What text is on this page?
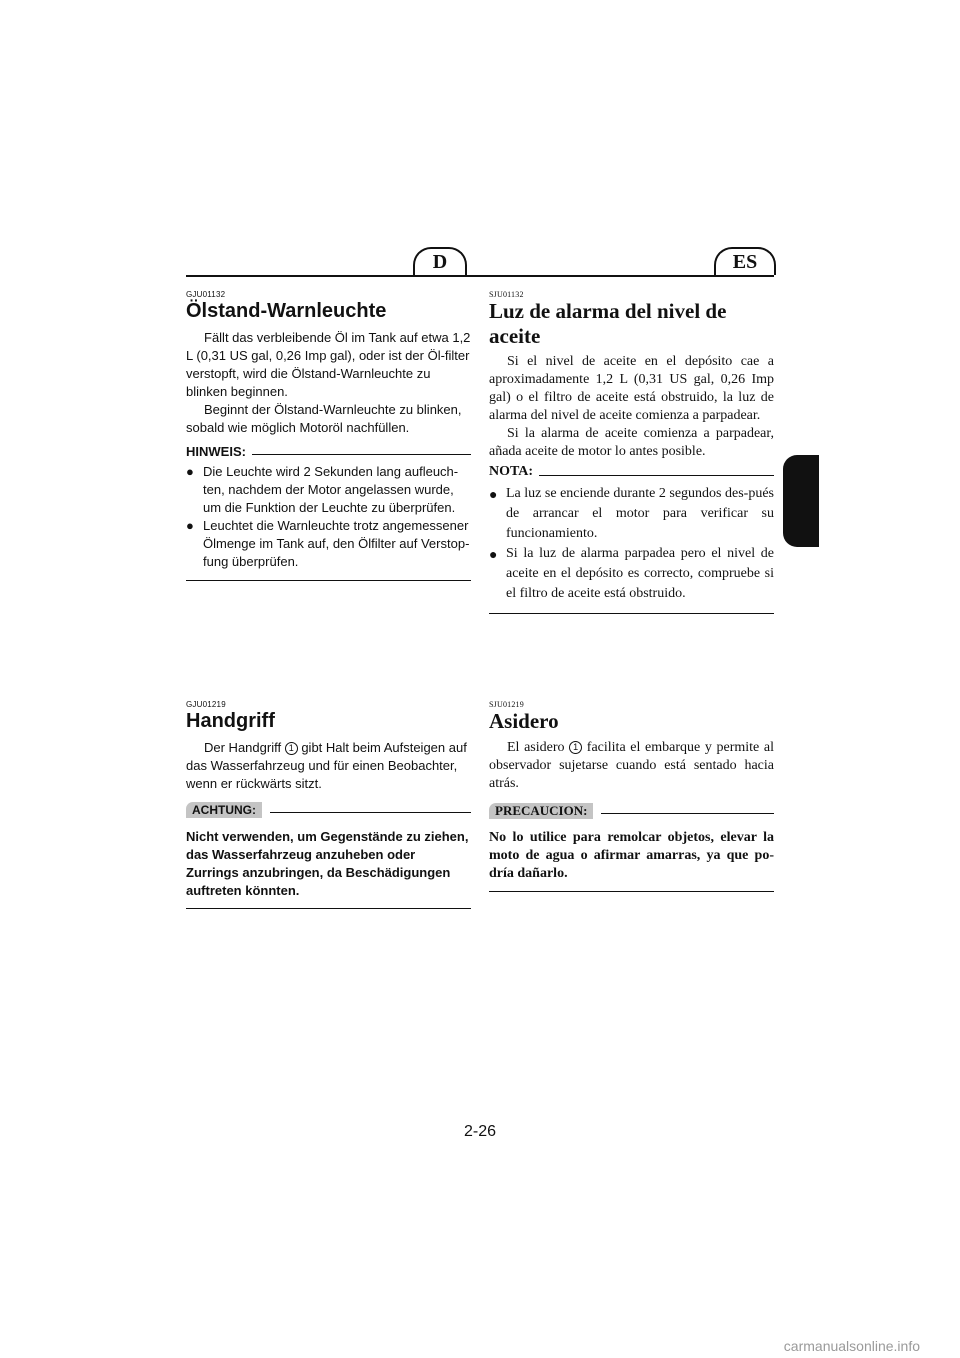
D	ES
GJU01132
Ölstand-Warnleuchte

Fällt das verbleibende Öl im Tank auf etwa 1,2 L (0,31 US gal, 0,26 Imp gal), oder ist der Öl-filter verstopft, wird die Ölstand-Warnleuchte zu blinken beginnen.

Beginnt der Ölstand-Warnleuchte zu blinken, sobald wie möglich Motoröl nachfüllen.

HINWEIS:
● Die Leuchte wird 2 Sekunden lang aufleuch-ten, nachdem der Motor angelassen wurde, um die Funktion der Leuchte zu überprüfen.
● Leuchtet die Warnleuchte trotz angemessener Ölmenge im Tank auf, den Ölfilter auf Verstop-fung überprüfen.
SJU01132
Luz de alarma del nivel de aceite

Si el nivel de aceite en el depósito cae a aproximadamente 1,2 L (0,31 US gal, 0,26 Imp gal) o el filtro de aceite está obstruido, la luz de alarma del nivel de aceite comienza a parpadear.

Si la alarma de aceite comienza a parpadear, añada aceite de motor lo antes posible.

NOTA:
● La luz se enciende durante 2 segundos des-pués de arrancar el motor para verificar su funcionamiento.
● Si la luz de alarma parpadea pero el nivel de aceite en el depósito es correcto, compruebe si el filtro de aceite está obstruido.
GJU01219
Handgriff

Der Handgriff 1 gibt Halt beim Aufsteigen auf das Wasserfahrzeug und für einen Beobachter, wenn er rückwärts sitzt.

ACHTUNG:

Nicht verwenden, um Gegenstände zu ziehen, das Wasserfahrzeug anzuheben oder Zurrings anzubringen, da Beschädigungen auftreten könnten.

SJU01219
Asidero

El asidero 1 facilita el embarque y permite al observador sujetarse cuando está sentado hacia atrás.

PRECAUCION:

No lo utilice para remolcar objetos, elevar la moto de agua o afirmar amarras, ya que po-dría dañarlo.

2-26
carmanualsonline.info
